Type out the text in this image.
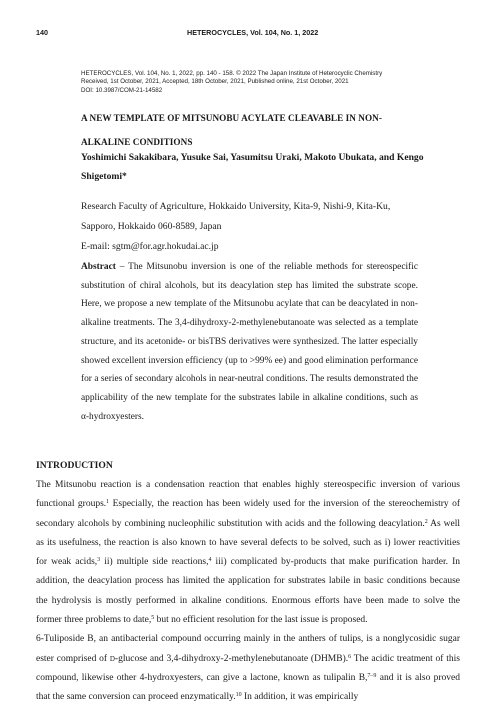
140	HETEROCYCLES, Vol. 104, No. 1, 2022
HETEROCYCLES, Vol. 104, No. 1, 2022, pp. 140 - 158. © 2022 The Japan Institute of Heterocyclic Chemistry
Received, 1st October, 2021, Accepted, 18th October, 2021, Published online, 21st October, 2021
DOI: 10.3987/COM-21-14582
A NEW TEMPLATE OF MITSUNOBU ACYLATE CLEAVABLE IN NON-ALKALINE CONDITIONS
Yoshimichi Sakakibara, Yusuke Sai, Yasumitsu Uraki, Makoto Ubukata, and Kengo Shigetomi*
Research Faculty of Agriculture, Hokkaido University, Kita-9, Nishi-9, Kita-Ku, Sapporo, Hokkaido 060-8589, Japan
E-mail: sgtm@for.agr.hokudai.ac.jp
Abstract – The Mitsunobu inversion is one of the reliable methods for stereospecific substitution of chiral alcohols, but its deacylation step has limited the substrate scope. Here, we propose a new template of the Mitsunobu acylate that can be deacylated in non-alkaline treatments. The 3,4-dihydroxy-2-methylenebutanoate was selected as a template structure, and its acetonide- or bisTBS derivatives were synthesized. The latter especially showed excellent inversion efficiency (up to >99% ee) and good elimination performance for a series of secondary alcohols in near-neutral conditions. The results demonstrated the applicability of the new template for the substrates labile in alkaline conditions, such as α-hydroxyesters.
INTRODUCTION

The Mitsunobu reaction is a condensation reaction that enables highly stereospecific inversion of various functional groups.$^1$ Especially, the reaction has been widely used for the inversion of the stereochemistry of secondary alcohols by combining nucleophilic substitution with acids and the following deacylation.$^2$ As well as its usefulness, the reaction is also known to have several defects to be solved, such as i) lower reactivities for weak acids,$^3$ ii) multiple side reactions,$^4$ iii) complicated by-products that make purification harder. In addition, the deacylation process has limited the application for substrates labile in basic conditions because the hydrolysis is mostly performed in alkaline conditions. Enormous efforts have been made to solve the former three problems to date,$^5$ but no efficient resolution for the last issue is proposed.

6-Tuliposide B, an antibacterial compound occurring mainly in the anthers of tulips, is a nonglycosidic sugar ester comprised of d-glucose and 3,4-dihydroxy-2-methylenebutanoate (DHMB).$^6$ The acidic treatment of this compound, likewise other 4-hydroxyesters, can give a lactone, known as tulipalin B,$^{7-9}$ and it is also proved that the same conversion can proceed enzymatically.$^{10}$ In addition, it was empirically
